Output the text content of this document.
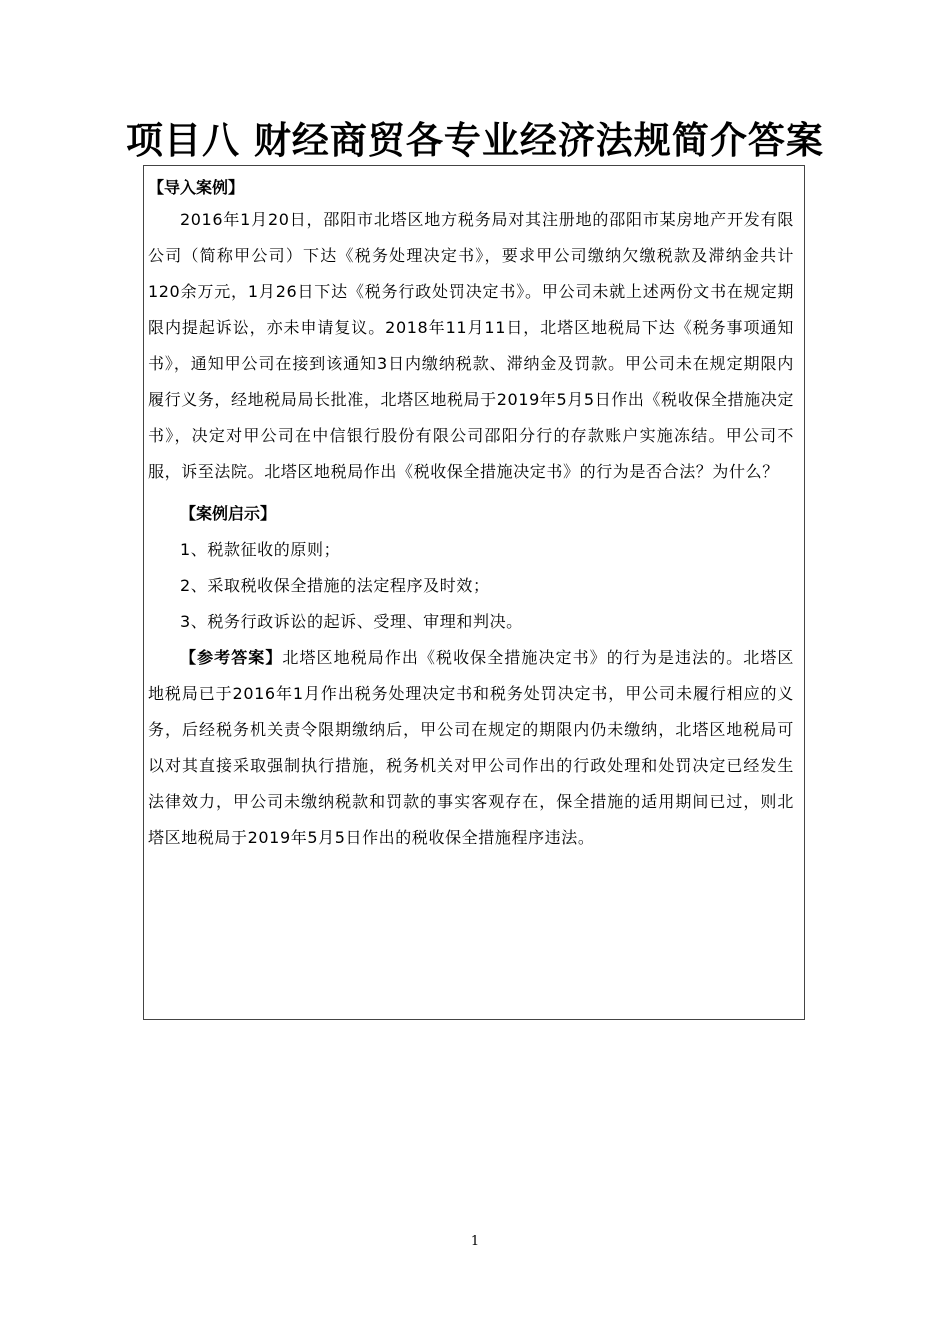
项目八 财经商贸各专业经济法规简介答案

【导入案例】

2016年1月20日，邵阳市北塔区地方税务局对其注册地的邵阳市某房地产开发有限公司（简称甲公司）下达《税务处理决定书》，要求甲公司缴纳欠缴税款及滞纳金共计120余万元，1月26日下达《税务行政处罚决定书》。甲公司未就上述两份文书在规定期限内提起诉讼，亦未申请复议。2018年11月11日，北塔区地税局下达《税务事项通知书》，通知甲公司在接到该通知3日内缴纳税款、滞纳金及罚款。甲公司未在规定期限内履行义务，经地税局局长批准，北塔区地税局于2019年5月5日作出《税收保全措施决定书》，决定对甲公司在中信银行股份有限公司邵阳分行的存款账户实施冻结。甲公司不服，诉至法院。北塔区地税局作出《税收保全措施决定书》的行为是否合法？为什么？

【案例启示】

1、税款征收的原则；

2、采取税收保全措施的法定程序及时效；

3、税务行政诉讼的起诉、受理、审理和判决。

【参考答案】北塔区地税局作出《税收保全措施决定书》的行为是违法的。北塔区地税局已于2016年1月作出税务处理决定书和税务处罚决定书，甲公司未履行相应的义务，后经税务机关责令限期缴纳后，甲公司在规定的期限内仍未缴纳，北塔区地税局可以对其直接采取强制执行措施，税务机关对甲公司作出的行政处理和处罚决定已经发生法律效力，甲公司未缴纳税款和罚款的事实客观存在，保全措施的适用期间已过，则北塔区地税局于2019年5月5日作出的税收保全措施程序违法。

1
